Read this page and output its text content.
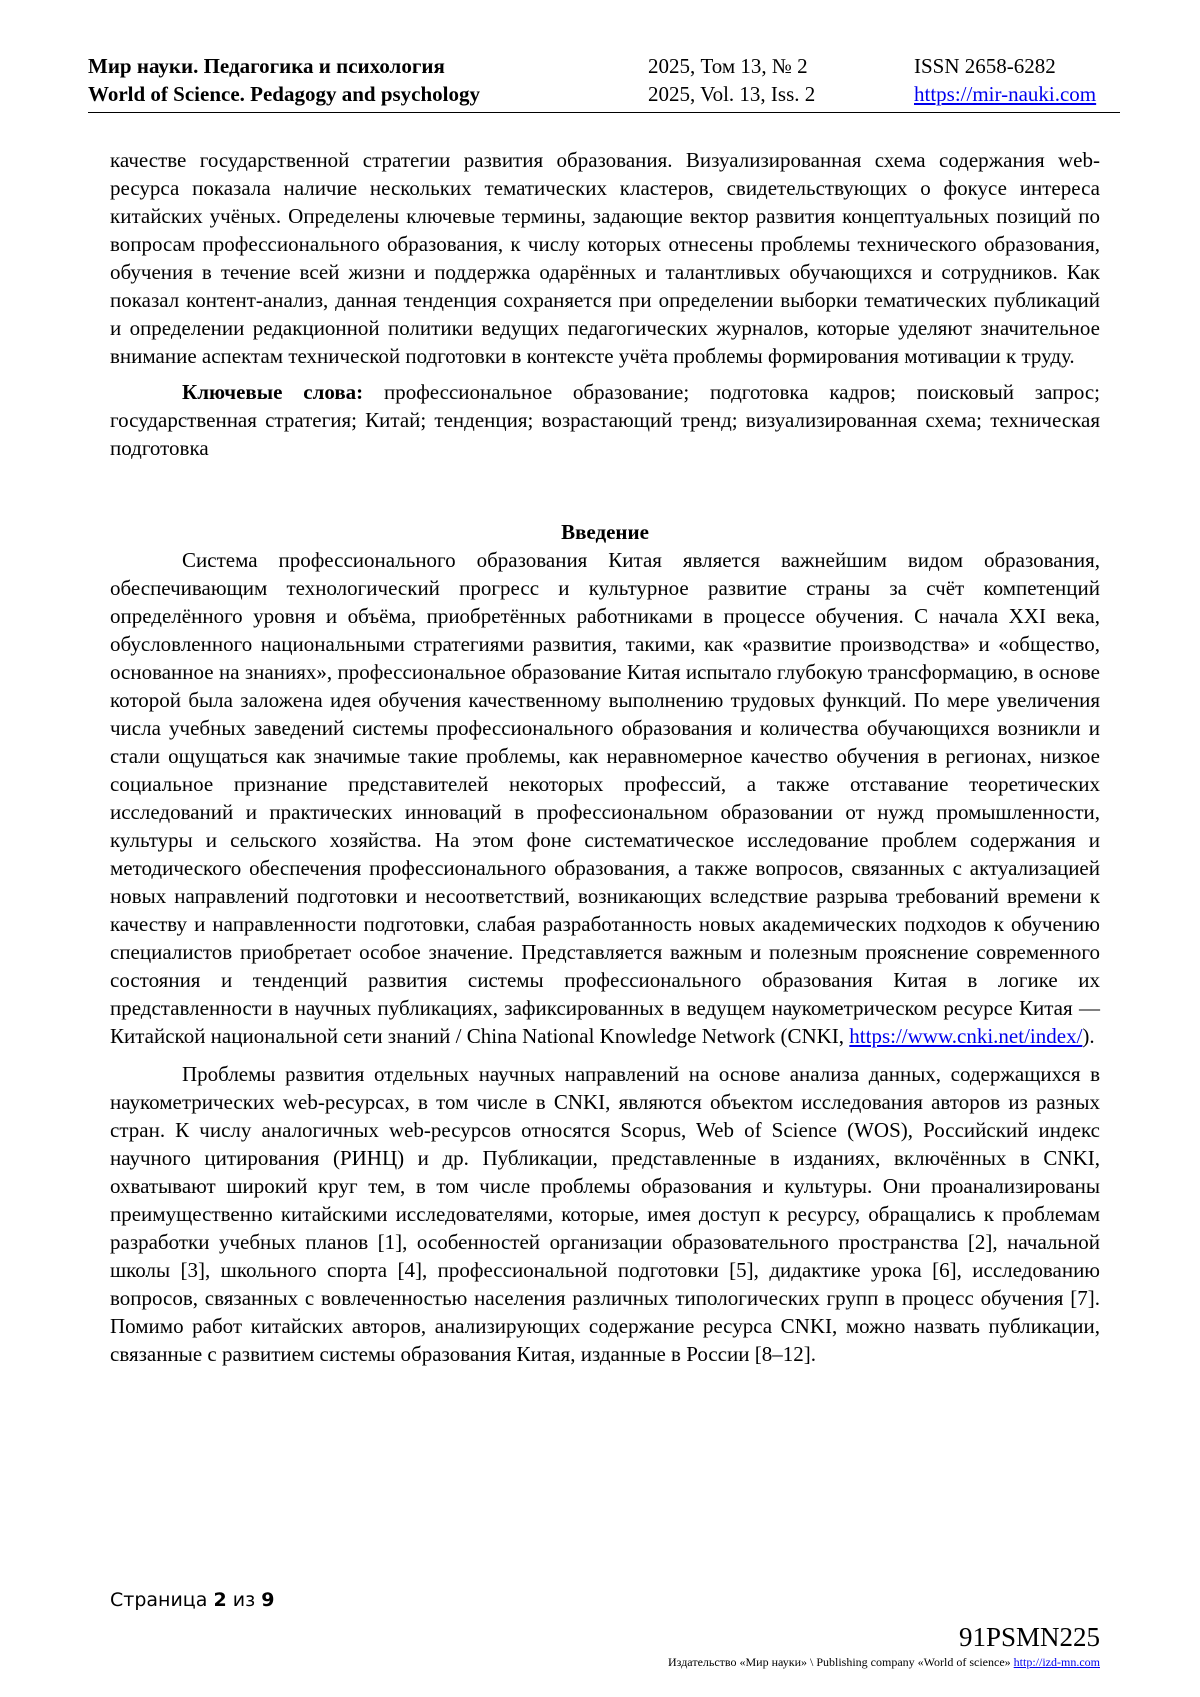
Мир науки. Педагогика и психология
World of Science. Pedagogy and psychology
2025, Том 13, № 2
2025, Vol. 13, Iss. 2
ISSN 2658-6282
https://mir-nauki.com

качестве государственной стратегии развития образования. Визуализированная схема содержания web-ресурса показала наличие нескольких тематических кластеров, свидетельствующих о фокусе интереса китайских учёных. Определены ключевые термины, задающие вектор развития концептуальных позиций по вопросам профессионального образования, к числу которых отнесены проблемы технического образования, обучения в течение всей жизни и поддержка одарённых и талантливых обучающихся и сотрудников. Как показал контент-анализ, данная тенденция сохраняется при определении выборки тематических публикаций и определении редакционной политики ведущих педагогических журналов, которые уделяют значительное внимание аспектам технической подготовки в контексте учёта проблемы формирования мотивации к труду.

Ключевые слова: профессиональное образование; подготовка кадров; поисковый запрос; государственная стратегия; Китай; тенденция; возрастающий тренд; визуализированная схема; техническая подготовка

Введение

Система профессионального образования Китая является важнейшим видом образования, обеспечивающим технологический прогресс и культурное развитие страны за счёт компетенций определённого уровня и объёма, приобретённых работниками в процессе обучения. С начала XXI века, обусловленного национальными стратегиями развития, такими, как «развитие производства» и «общество, основанное на знаниях», профессиональное образование Китая испытало глубокую трансформацию, в основе которой была заложена идея обучения качественному выполнению трудовых функций. По мере увеличения числа учебных заведений системы профессионального образования и количества обучающихся возникли и стали ощущаться как значимые такие проблемы, как неравномерное качество обучения в регионах, низкое социальное признание представителей некоторых профессий, а также отставание теоретических исследований и практических инноваций в профессиональном образовании от нужд промышленности, культуры и сельского хозяйства. На этом фоне систематическое исследование проблем содержания и методического обеспечения профессионального образования, а также вопросов, связанных с актуализацией новых направлений подготовки и несоответствий, возникающих вследствие разрыва требований времени к качеству и направленности подготовки, слабая разработанность новых академических подходов к обучению специалистов приобретает особое значение. Представляется важным и полезным прояснение современного состояния и тенденций развития системы профессионального образования Китая в логике их представленности в научных публикациях, зафиксированных в ведущем наукометрическом ресурсе Китая — Китайской национальной сети знаний / China National Knowledge Network (CNKI, https://www.cnki.net/index/).

Проблемы развития отдельных научных направлений на основе анализа данных, содержащихся в наукометрических web-ресурсах, в том числе в CNKI, являются объектом исследования авторов из разных стран. К числу аналогичных web-ресурсов относятся Scopus, Web of Science (WOS), Российский индекс научного цитирования (РИНЦ) и др. Публикации, представленные в изданиях, включённых в CNKI, охватывают широкий круг тем, в том числе проблемы образования и культуры. Они проанализированы преимущественно китайскими исследователями, которые, имея доступ к ресурсу, обращались к проблемам разработки учебных планов [1], особенностей организации образовательного пространства [2], начальной школы [3], школьного спорта [4], профессиональной подготовки [5], дидактике урока [6], исследованию вопросов, связанных с вовлеченностью населения различных типологических групп в процесс обучения [7]. Помимо работ китайских авторов, анализирующих содержание ресурса CNKI, можно назвать публикации, связанные с развитием системы образования Китая, изданные в России [8–12].

Страница 2 из 9
91PSMN225
Издательство «Мир науки» \ Publishing company «World of science» http://izd-mn.com
